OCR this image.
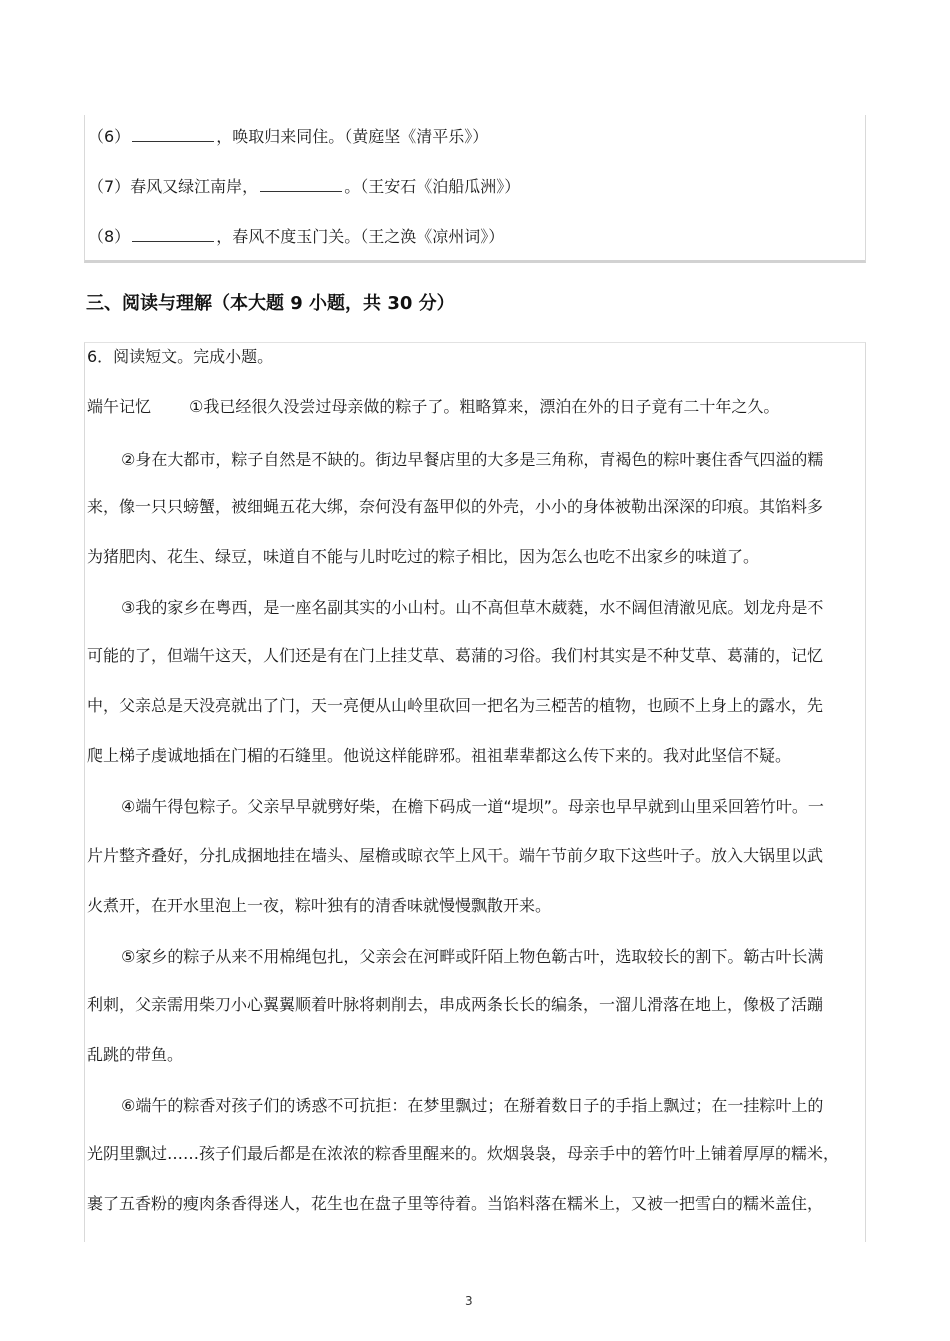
（6）	，唤取归来同住。（黄庭坚《清平乐》）
（7）春风又绿江南岸，	。（王安石《泊船瓜洲》）
（8）	，春风不度玉门关。（王之涣《凉州词》）
三、阅读与理解（本大题 9 小题，共 30 分）
6．阅读短文。完成小题。
端午记忆 ①我已经很久没尝过母亲做的粽子了。粗略算来，漂泊在外的日子竟有二十年之久。
②身在大都市，粽子自然是不缺的。街边早餐店里的大多是三角称，青褐色的粽叶裹住香气四溢的糯
来，像一只只螃蟹，被细蝇五花大绑，奈何没有盔甲似的外壳，小小的身体被勒出深深的印痕。其馅料多
为猪肥肉、花生、绿豆，味道自不能与儿时吃过的粽子相比，因为怎么也吃不出家乡的味道了。
③我的家乡在粤西，是一座名副其实的小山村。山不高但草木葳蕤，水不阔但清澈见底。划龙舟是不
可能的了，但端午这天，人们还是有在门上挂艾草、葛蒲的习俗。我们村其实是不种艾草、葛蒲的，记忆
中，父亲总是天没亮就出了门，天一亮便从山岭里砍回一把名为三椏苦的植物，也顾不上身上的露水，先
爬上梯子虔诚地插在门楣的石缝里。他说这样能辟邪。祖祖辈辈都这么传下来的。我对此坚信不疑。
④端午得包粽子。父亲早早就劈好柴，在檐下码成一道“堤坝”。母亲也早早就到山里采回箬竹叶。一
片片整齐叠好，分扎成捆地挂在墙头、屋檐或晾衣竿上风干。端午节前夕取下这些叶子。放入大锅里以武
火煮开，在开水里泡上一夜，粽叶独有的清香味就慢慢飘散开来。
⑤家乡的粽子从来不用棉绳包扎，父亲会在河畔或阡陌上物色簕古叶，选取较长的割下。簕古叶长满
利刺，父亲需用柴刀小心翼翼顺着叶脉将刺削去，串成两条长长的编条，一溜儿滑落在地上，像极了活蹦
乱跳的带鱼。
⑥端午的粽香对孩子们的诱惑不可抗拒：在梦里飘过；在掰着数日子的手指上飘过；在一挂粽叶上的
光阴里飘过……孩子们最后都是在浓浓的粽香里醒来的。炊烟袅袅，母亲手中的箬竹叶上铺着厚厚的糯米，
裹了五香粉的瘦肉条香得迷人，花生也在盘子里等待着。当馅料落在糯米上，又被一把雪白的糯米盖住，
3
